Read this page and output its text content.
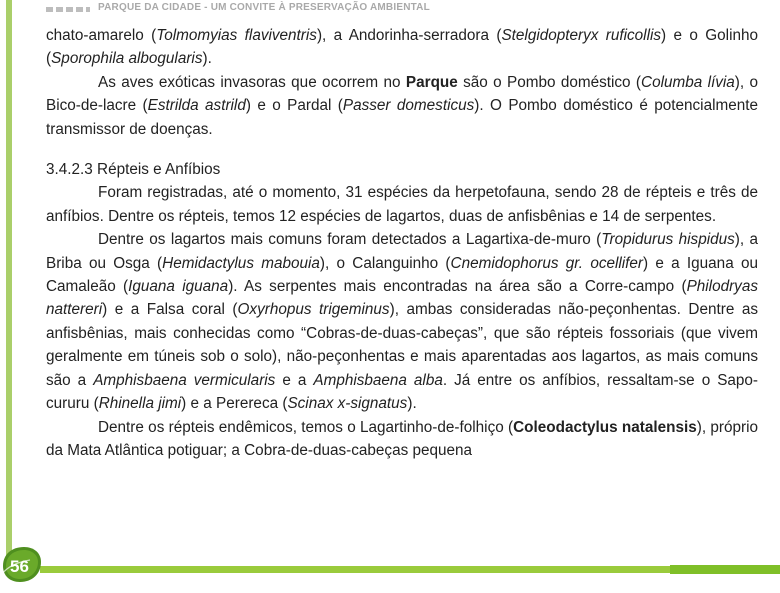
PARQUE DA CIDADE - UM CONVITE À PRESERVAÇÃO AMBIENTAL

chato-amarelo (Tolmomyias flaviventris), a Andorinha-serradora (Stelgidopteryx ruficollis) e o Golinho (Sporophila albogularis).

As aves exóticas invasoras que ocorrem no Parque são o Pombo doméstico (Columba lívia), o Bico-de-lacre (Estrilda astrild) e o Pardal (Passer domesticus). O Pombo doméstico é potencialmente transmissor de doenças.

3.4.2.3 Répteis e Anfíbios

Foram registradas, até o momento, 31 espécies da herpetofauna, sendo 28 de répteis e três de anfíbios. Dentre os répteis, temos 12 espécies de lagartos, duas de anfisbênias e 14 de serpentes.

Dentre os lagartos mais comuns foram detectados a Lagartixa-de-muro (Tropidurus hispidus), a Briba ou Osga (Hemidactylus mabouia), o Calanguinho (Cnemidophorus gr. ocellifer) e a Iguana ou Camaleão (Iguana iguana). As serpentes mais encontradas na área são a Corre-campo (Philodryas nattereri) e a Falsa coral (Oxyrhopus trigeminus), ambas consideradas não-peçonhentas. Dentre as anfisbênias, mais conhecidas como “Cobras-de-duas-cabeças”, que são répteis fossoriais (que vivem geralmente em túneis sob o solo), não-peçonhentas e mais aparentadas aos lagartos, as mais comuns são a Amphisbaena vermicularis e a Amphisbaena alba. Já entre os anfíbios, ressaltam-se o Sapo-cururu (Rhinella jimi) e a Perereca (Scinax x-signatus).

Dentre os répteis endêmicos, temos o Lagartinho-de-folhiço (Coleodactylus natalensis), próprio da Mata Atlântica potiguar; a Cobra-de-duas-cabeças pequena

56
